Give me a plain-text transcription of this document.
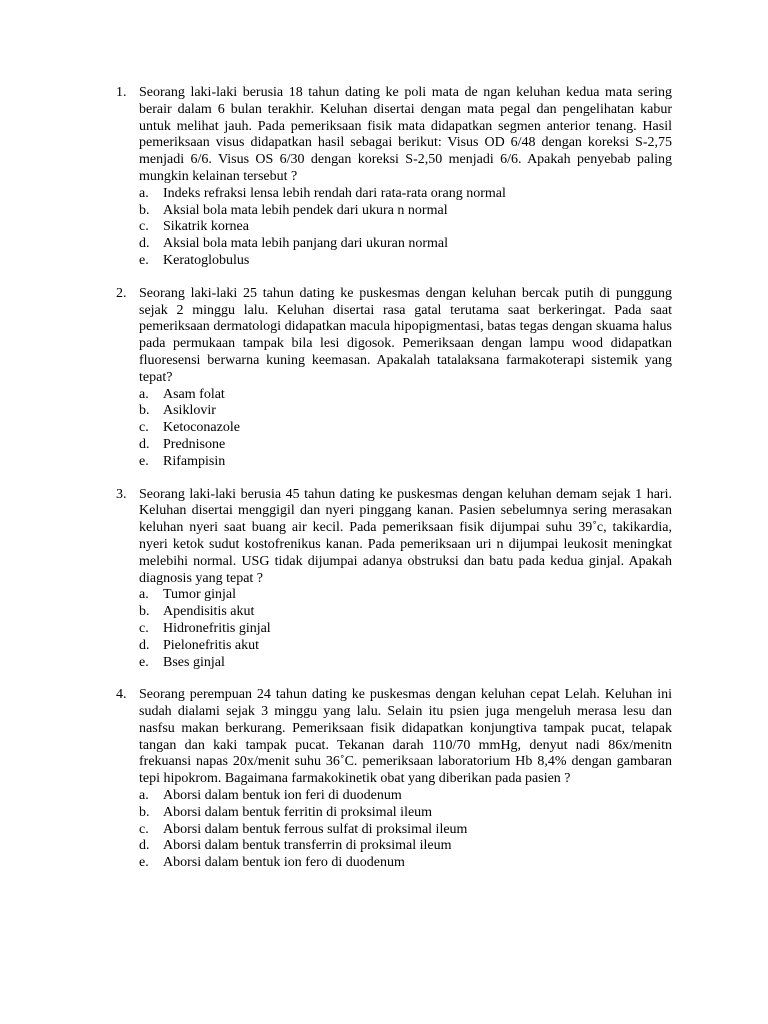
1. Seorang laki-laki berusia 18 tahun dating ke poli mata de ngan keluhan kedua mata sering berair dalam 6 bulan terakhir. Keluhan disertai dengan mata pegal dan pengelihatan kabur untuk melihat jauh. Pada pemeriksaan fisik mata didapatkan segmen anterior tenang. Hasil pemeriksaan visus didapatkan hasil sebagai berikut: Visus OD 6/48 dengan koreksi S-2,75 menjadi 6/6. Visus OS 6/30 dengan koreksi S-2,50 menjadi 6/6. Apakah penyebab paling mungkin kelainan tersebut ?

a.	Indeks refraksi lensa lebih rendah dari rata-rata orang normal
b. Aksial bola mata lebih pendek dari ukura n normal
c.	Sikatrik kornea
d. Aksial bola mata lebih panjang dari ukuran normal
e.	Keratoglobulus
2. Seorang laki-laki 25 tahun dating ke puskesmas dengan keluhan bercak putih di punggung sejak 2 minggu lalu. Keluhan disertai rasa gatal terutama saat berkeringat. Pada saat pemeriksaan dermatologi didapatkan macula hipopigmentasi, batas tegas dengan skuama halus pada permukaan tampak bila lesi digosok. Pemeriksaan dengan lampu wood didapatkan fluoresensi berwarna kuning keemasan. Apakalah tatalaksana farmakoterapi sistemik yang tepat?

a.	Asam folat
b. Asiklovir
c.	Ketoconazole
d. Prednisone
e.	Rifampisin
3. Seorang laki-laki berusia 45 tahun dating ke puskesmas dengan keluhan demam sejak 1 hari. Keluhan disertai menggigil dan nyeri pinggang kanan. Pasien sebelumnya sering merasakan keluhan nyeri saat buang air kecil. Pada pemeriksaan fisik dijumpai suhu 39˚c, takikardia, nyeri ketok sudut kostofrenikus kanan. Pada pemeriksaan uri n dijumpai leukosit meningkat melebihi normal. USG tidak dijumpai adanya obstruksi dan batu pada kedua ginjal. Apakah diagnosis yang tepat ?

a.	Tumor ginjal
b. Apendisitis akut
c.	Hidronefritis ginjal
d. Pielonefritis akut
e.	Bses ginjal
4. Seorang perempuan 24 tahun dating ke puskesmas dengan keluhan cepat Lelah. Keluhan ini sudah dialami sejak 3 minggu yang lalu. Selain itu psien juga mengeluh merasa lesu dan nasfsu makan berkurang. Pemeriksaan fisik didapatkan konjungtiva tampak pucat, telapak tangan dan kaki tampak pucat. Tekanan darah 110/70 mmHg, denyut nadi 86x/menitn frekuansi napas 20x/menit suhu 36˚C. pemeriksaan laboratorium Hb 8,4% dengan gambaran tepi hipokrom. Bagaimana farmakokinetik obat yang diberikan pada pasien ?

a.	Aborsi dalam bentuk ion feri di duodenum
b. Aborsi dalam bentuk ferritin di proksimal ileum
c.	Aborsi dalam bentuk ferrous sulfat di proksimal ileum
d. Aborsi dalam bentuk transferrin di proksimal ileum
e.	Aborsi dalam bentuk ion fero di duodenum
